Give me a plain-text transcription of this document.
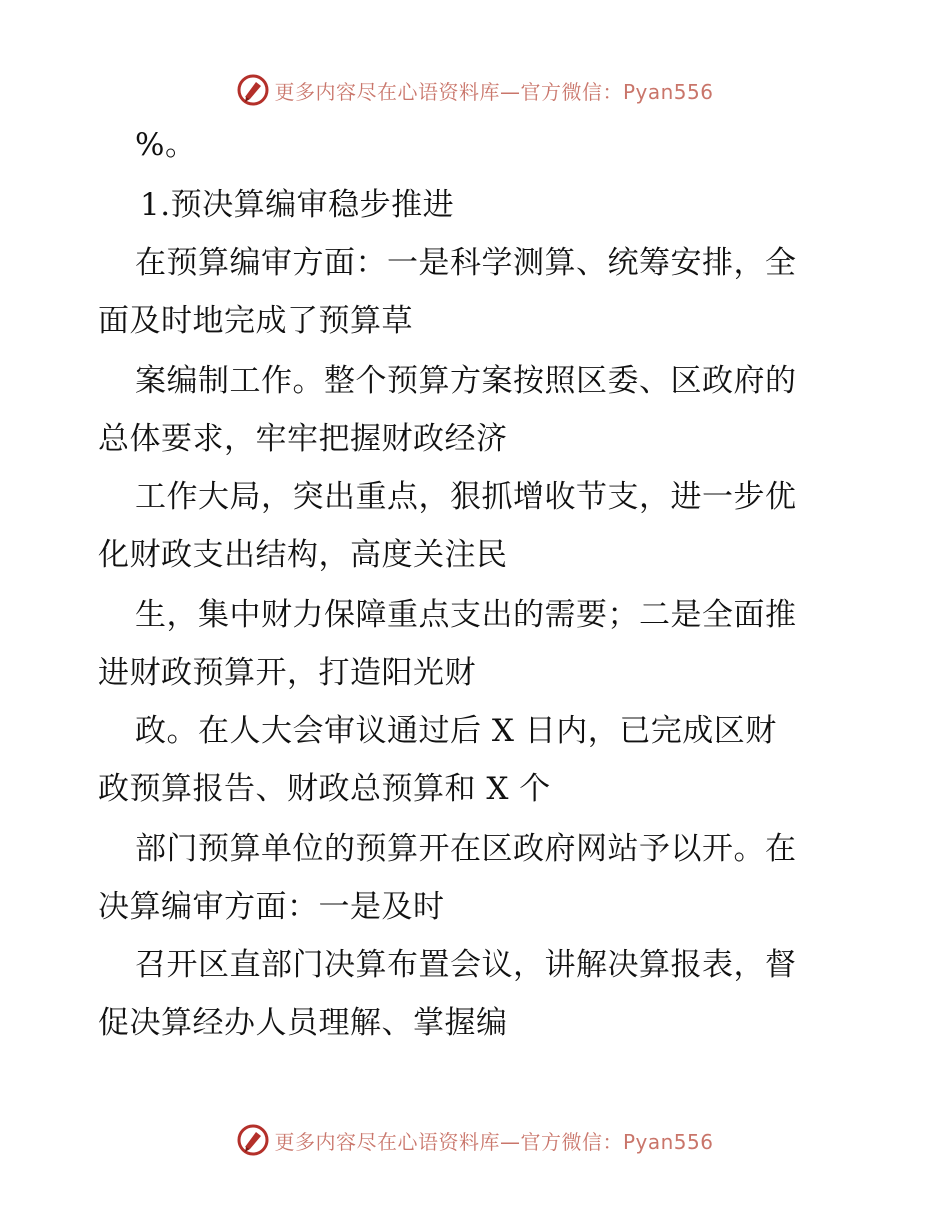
更多内容尽在心语资料库—官方微信：Pyan556
%。
1.预决算编审稳步推进
在预算编审方面：一是科学测算、统筹安排，全
面及时地完成了预算草
案编制工作。整个预算方案按照区委、区政府的
总体要求，牢牢把握财政经济
工作大局，突出重点，狠抓增收节支，进一步优
化财政支出结构，高度关注民
生，集中财力保障重点支出的需要；二是全面推
进财政预算开，打造阳光财
政。在人大会审议通过后 X 日内，已完成区财
政预算报告、财政总预算和 X 个
部门预算单位的预算开在区政府网站予以开。在
决算编审方面：一是及时
召开区直部门决算布置会议，讲解决算报表，督
促决算经办人员理解、掌握编
更多内容尽在心语资料库—官方微信：Pyan556
